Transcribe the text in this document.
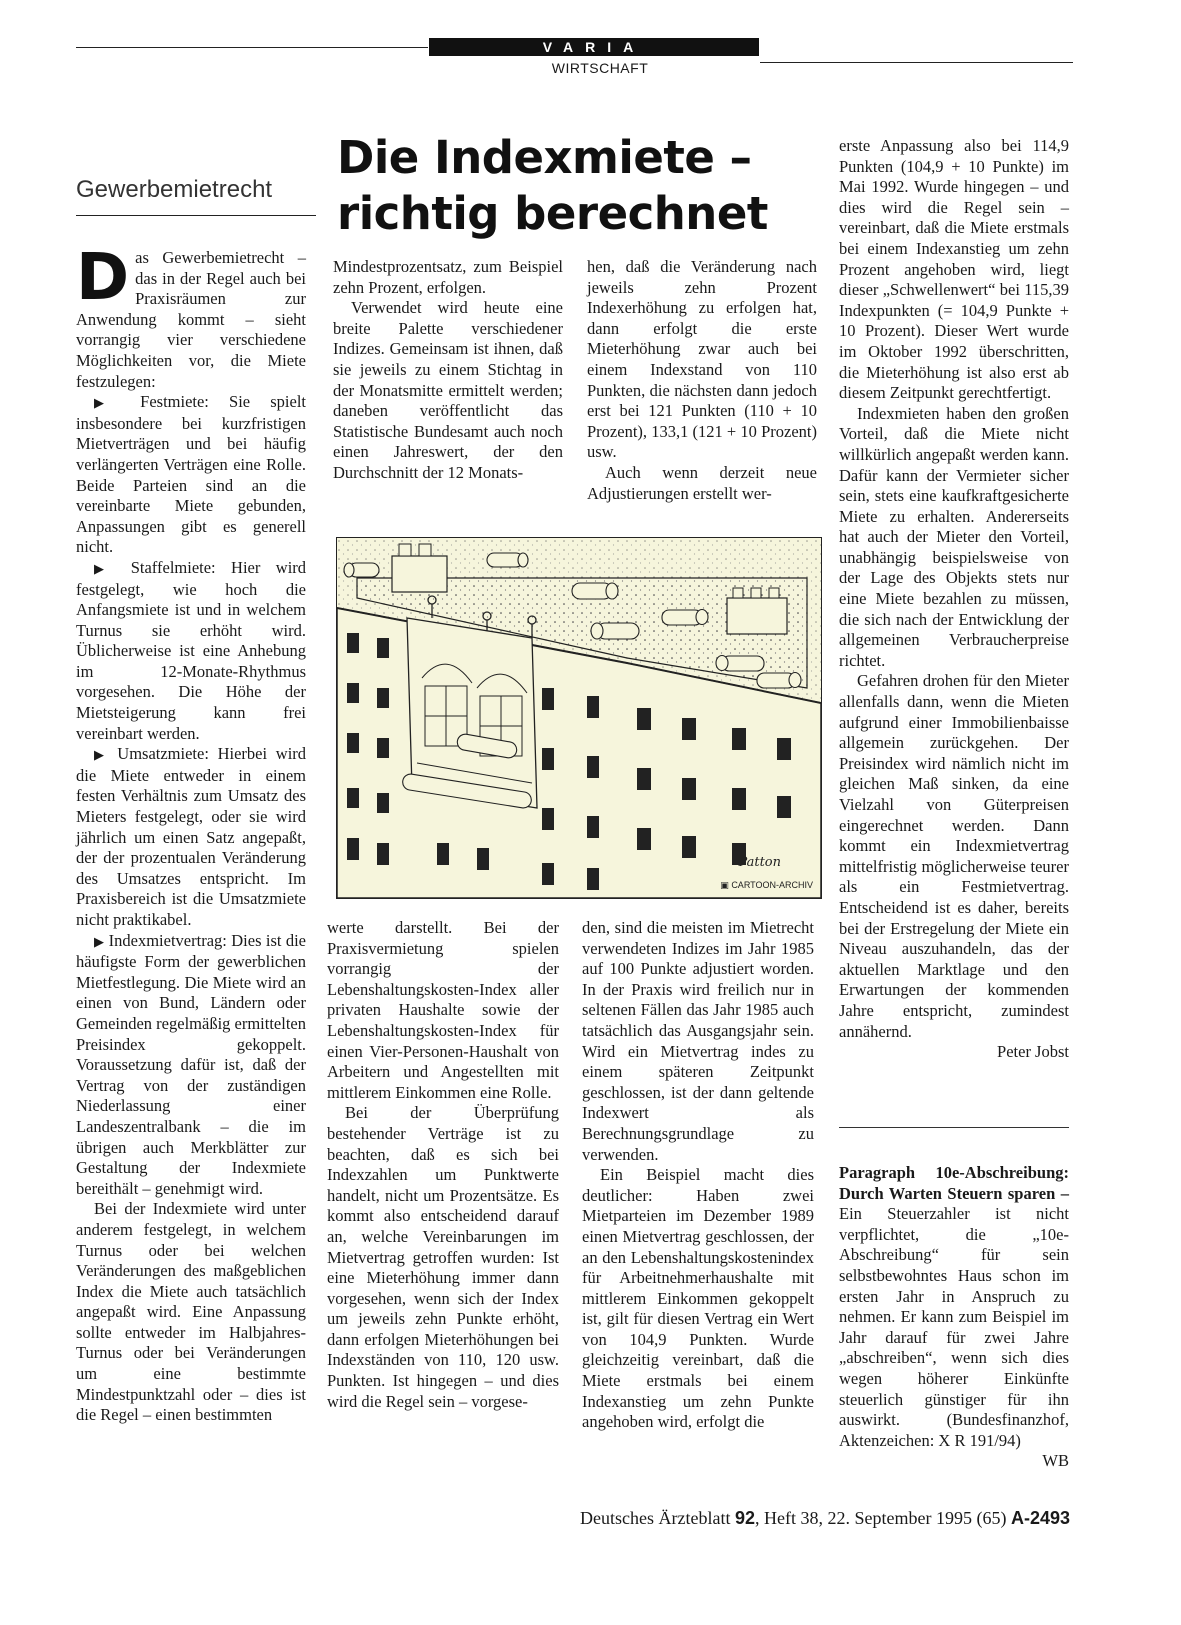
VARIA
WIRTSCHAFT
Gewerbemietrecht
Die Indexmiete –
richtig berechnet

Das Gewerbemietrecht – das in der Regel auch bei Praxisräumen zur Anwendung kommt – sieht vorrangig vier verschiedene Möglichkeiten vor, die Miete festzulegen:

▶ Festmiete: Sie spielt insbesondere bei kurzfristigen Mietverträgen und bei häufig verlängerten Verträgen eine Rolle. Beide Parteien sind an die vereinbarte Miete gebunden, Anpassungen gibt es generell nicht.

▶ Staffelmiete: Hier wird festgelegt, wie hoch die Anfangsmiete ist und in welchem Turnus sie erhöht wird. Üblicherweise ist eine Anhebung im 12-Monate-Rhythmus vorgesehen. Die Höhe der Mietsteigerung kann frei vereinbart werden.

▶ Umsatzmiete: Hierbei wird die Miete entweder in einem festen Verhältnis zum Umsatz des Mieters festgelegt, oder sie wird jährlich um einen Satz angepaßt, der der prozentualen Veränderung des Umsatzes entspricht. Im Praxisbereich ist die Umsatzmiete nicht praktikabel.

▶ Indexmietvertrag: Dies ist die häufigste Form der gewerblichen Mietfestlegung. Die Miete wird an einen von Bund, Ländern oder Gemeinden regelmäßig ermittelten Preisindex gekoppelt. Voraussetzung dafür ist, daß der Vertrag von der zuständigen Niederlassung einer Landeszentralbank – die im übrigen auch Merkblätter zur Gestaltung der Indexmiete bereithält – genehmigt wird.

Bei der Indexmiete wird unter anderem festgelegt, in welchem Turnus oder bei welchen Veränderungen des maßgeblichen Index die Miete auch tatsächlich angepaßt wird. Eine Anpassung sollte entweder im Halbjahres-Turnus oder bei Veränderungen um eine bestimmte Mindestpunktzahl oder – dies ist die Regel – einen bestimmten

Mindestprozentsatz, zum Beispiel zehn Prozent, erfolgen.

Verwendet wird heute eine breite Palette verschiedener Indizes. Gemeinsam ist ihnen, daß sie jeweils zu einem Stichtag in der Monatsmitte ermittelt werden; daneben veröffentlicht das Statistische Bundesamt auch noch einen Jahreswert, der den Durchschnitt der 12 Monats-

hen, daß die Veränderung nach jeweils zehn Prozent Indexerhöhung zu erfolgen hat, dann erfolgt die erste Mieterhöhung zwar auch bei einem Indexstand von 110 Punkten, die nächsten dann jedoch erst bei 121 Punkten (110 + 10 Prozent), 133,1 (121 + 10 Prozent) usw.

Auch wenn derzeit neue Adjustierungen erstellt wer-

Patton
▣ CARTOON-ARCHIV

werte darstellt. Bei der Praxisvermietung spielen vorrangig der Lebenshaltungskosten-Index aller privaten Haushalte sowie der Lebenshaltungskosten-Index für einen Vier-Personen-Haushalt von Arbeitern und Angestellten mit mittlerem Einkommen eine Rolle.

Bei der Überprüfung bestehender Verträge ist zu beachten, daß es sich bei Indexzahlen um Punktwerte handelt, nicht um Prozentsätze. Es kommt also entscheidend darauf an, welche Vereinbarungen im Mietvertrag getroffen wurden: Ist eine Mieterhöhung immer dann vorgesehen, wenn sich der Index um jeweils zehn Punkte erhöht, dann erfolgen Mieterhöhungen bei Indexständen von 110, 120 usw. Punkten. Ist hingegen – und dies wird die Regel sein – vorgese-

den, sind die meisten im Mietrecht verwendeten Indizes im Jahr 1985 auf 100 Punkte adjustiert worden. In der Praxis wird freilich nur in seltenen Fällen das Jahr 1985 auch tatsächlich das Ausgangsjahr sein. Wird ein Mietvertrag indes zu einem späteren Zeitpunkt geschlossen, ist der dann geltende Indexwert als Berechnungsgrundlage zu verwenden.

Ein Beispiel macht dies deutlicher: Haben zwei Mietparteien im Dezember 1989 einen Mietvertrag geschlossen, der an den Lebenshaltungskostenindex für Arbeitnehmerhaushalte mit mittlerem Einkommen gekoppelt ist, gilt für diesen Vertrag ein Wert von 104,9 Punkten. Wurde gleichzeitig vereinbart, daß die Miete erstmals bei einem Indexanstieg um zehn Punkte angehoben wird, erfolgt die

erste Anpassung also bei 114,9 Punkten (104,9 + 10 Punkte) im Mai 1992. Wurde hingegen – und dies wird die Regel sein – vereinbart, daß die Miete erstmals bei einem Indexanstieg um zehn Prozent angehoben wird, liegt dieser „Schwellenwert“ bei 115,39 Indexpunkten (= 104,9 Punkte + 10 Prozent). Dieser Wert wurde im Oktober 1992 überschritten, die Mieterhöhung ist also erst ab diesem Zeitpunkt gerechtfertigt.

Indexmieten haben den großen Vorteil, daß die Miete nicht willkürlich angepaßt werden kann. Dafür kann der Vermieter sicher sein, stets eine kaufkraftgesicherte Miete zu erhalten. Andererseits hat auch der Mieter den Vorteil, unabhängig beispielsweise von der Lage des Objekts stets nur eine Miete bezahlen zu müssen, die sich nach der Entwicklung der allgemeinen Verbraucherpreise richtet.

Gefahren drohen für den Mieter allenfalls dann, wenn die Mieten aufgrund einer Immobilienbaisse allgemein zurückgehen. Der Preisindex wird nämlich nicht im gleichen Maß sinken, da eine Vielzahl von Güterpreisen eingerechnet werden. Dann kommt ein Indexmietvertrag mittelfristig möglicherweise teurer als ein Festmietvertrag. Entscheidend ist es daher, bereits bei der Erstregelung der Miete ein Niveau auszuhandeln, das der aktuellen Marktlage und den Erwartungen der kommenden Jahre entspricht, zumindest annähernd.

Peter Jobst

Paragraph 10e-Abschreibung: Durch Warten Steuern sparen – Ein Steuerzahler ist nicht verpflichtet, die „10e-Abschreibung“ für sein selbstbewohntes Haus schon im ersten Jahr in Anspruch zu nehmen. Er kann zum Beispiel im Jahr darauf für zwei Jahre „abschreiben“, wenn sich dies wegen höherer Einkünfte steuerlich günstiger für ihn auswirkt. (Bundesfinanzhof, Aktenzeichen: X R 191/94)

WB

Deutsches Ärzteblatt 92, Heft 38, 22. September 1995 (65) A-2493
